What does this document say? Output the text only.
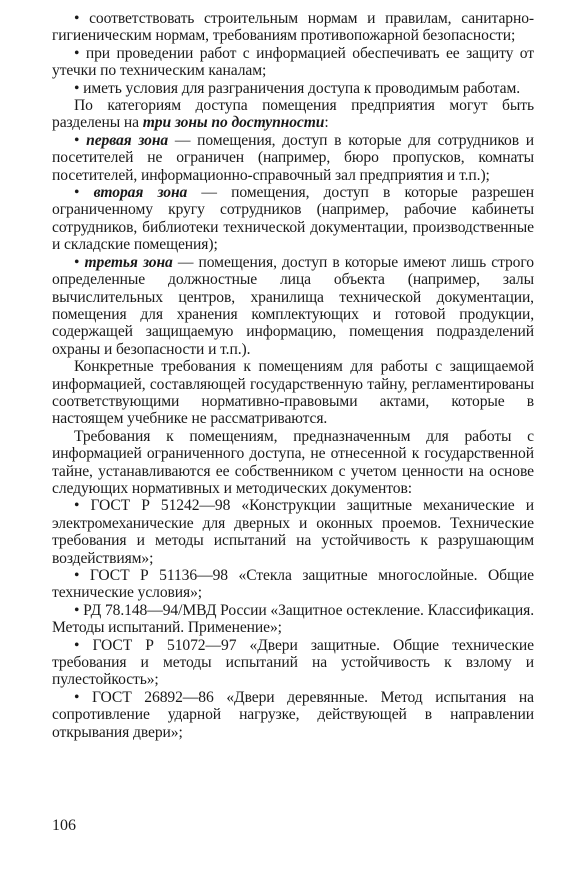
• соответствовать строительным нормам и правилам, санитарно-гигиеническим нормам, требованиям противопожарной безопасности;

• при проведении работ с информацией обеспечивать ее защиту от утечки по техническим каналам;

• иметь условия для разграничения доступа к проводимым работам.

По категориям доступа помещения предприятия могут быть разделены на три зоны по доступности:

• первая зона — помещения, доступ в которые для сотрудников и посетителей не ограничен (например, бюро пропусков, комнаты посетителей, информационно-справочный зал предприятия и т.п.);

• вторая зона — помещения, доступ в которые разрешен ограниченному кругу сотрудников (например, рабочие кабинеты сотрудников, библиотеки технической документации, производственные и складские помещения);

• третья зона — помещения, доступ в которые имеют лишь строго определенные должностные лица объекта (например, залы вычислительных центров, хранилища технической документации, помещения для хранения комплектующих и готовой продукции, содержащей защищаемую информацию, помещения подразделений охраны и безопасности и т.п.).

Конкретные требования к помещениям для работы с защищаемой информацией, составляющей государственную тайну, регламентированы соответствующими нормативно-правовыми актами, которые в настоящем учебнике не рассматриваются.

Требования к помещениям, предназначенным для работы с информацией ограниченного доступа, не отнесенной к государственной тайне, устанавливаются ее собственником с учетом ценности на основе следующих нормативных и методических документов:

• ГОСТ Р 51242—98 «Конструкции защитные механические и электромеханические для дверных и оконных проемов. Технические требования и методы испытаний на устойчивость к разрушающим воздействиям»;

• ГОСТ Р 51136—98 «Стекла защитные многослойные. Общие технические условия»;

• РД 78.148—94/МВД России «Защитное остекление. Классификация. Методы испытаний. Применение»;

• ГОСТ Р 51072—97 «Двери защитные. Общие технические требования и методы испытаний на устойчивость к взлому и пулестойкость»;

• ГОСТ 26892—86 «Двери деревянные. Метод испытания на сопротивление ударной нагрузке, действующей в направлении открывания двери»;

106
